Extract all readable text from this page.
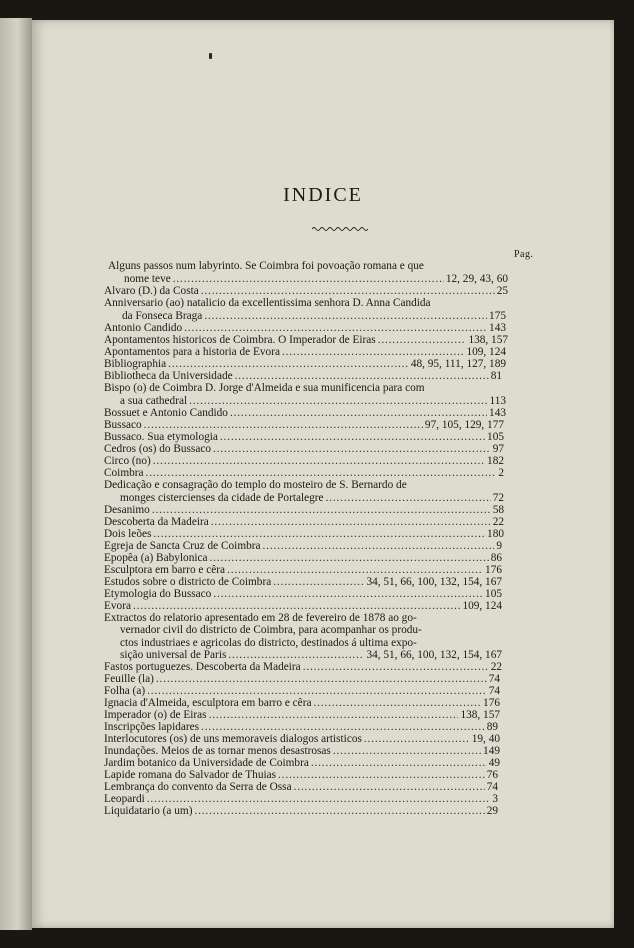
INDICE
Pag.
Alguns passos num labyrinto. Se Coimbra foi povoação romana e que
nome teve . . .	12, 29, 43, 60
Alvaro (D.) da Costa . . .	25
Anniversario (ao) natalicio da excellentissima senhora D. Anna Candida
da Fonseca Braga . . .	175
Antonio Candido . . .	143
Apontamentos historicos de Coimbra. O Imperador de Eiras . . .	138, 157
Apontamentos para a historia de Evora . . .	109, 124
Bibliographia . . .	48, 95, 111, 127, 189
Bibliotheca da Universidade . . .	81
Bispo (o) de Coimbra D. Jorge d'Almeida e sua munificencia para com
a sua cathedral . . .	113
Bossuet e Antonio Candido . . .	143
Bussaco . . .	97, 105, 129, 177
Bussaco. Sua etymologia . . .	105
Cedros (os) do Bussaco . . .	97
Circo (no) . . .	182
Coimbra . . .	2
Dedicação e consagração do templo do mosteiro de S. Bernardo de
monges cistercienses da cidade de Portalegre . . .	72
Desanimo . . .	58
Descoberta da Madeira . . .	22
Dois leões . . .	180
Egreja de Sancta Cruz de Coimbra . . .	9
Epopêa (a) Babylonica . . .	86
Esculptora em barro e cêra . . .	176
Estudos sobre o districto de Coimbra . . .	34, 51, 66, 100, 132, 154, 167
Etymologia do Bussaco . . .	105
Evora . . .	109, 124
Extractos do relatorio apresentado em 28 de fevereiro de 1878 ao go-
vernador civil do districto de Coimbra, para acompanhar os produ-
ctos industriaes e agricolas do districto, destinados á ultima expo-
sição universal de Paris . . .	34, 51, 66, 100, 132, 154, 167
Fastos portuguezes. Descoberta da Madeira . . .	22
Feuille (la) . . .	74
Folha (a) . . .	74
Ignacia d'Almeida, esculptora em barro e cêra . . .	176
Imperador (o) de Eiras . . .	138, 157
Inscripções lapidares . . .	89
Interlocutores (os) de uns memoraveis dialogos artisticos . . .	19, 40
Inundações. Meios de as tornar menos desastrosas . . .	149
Jardim botanico da Universidade de Coimbra . . .	49
Lapide romana do Salvador de Thuias . . .	76
Lembrança do convento da Serra de Ossa . . .	74
Leopardi . . .	3
Liquidatario (a um) . . .	29
